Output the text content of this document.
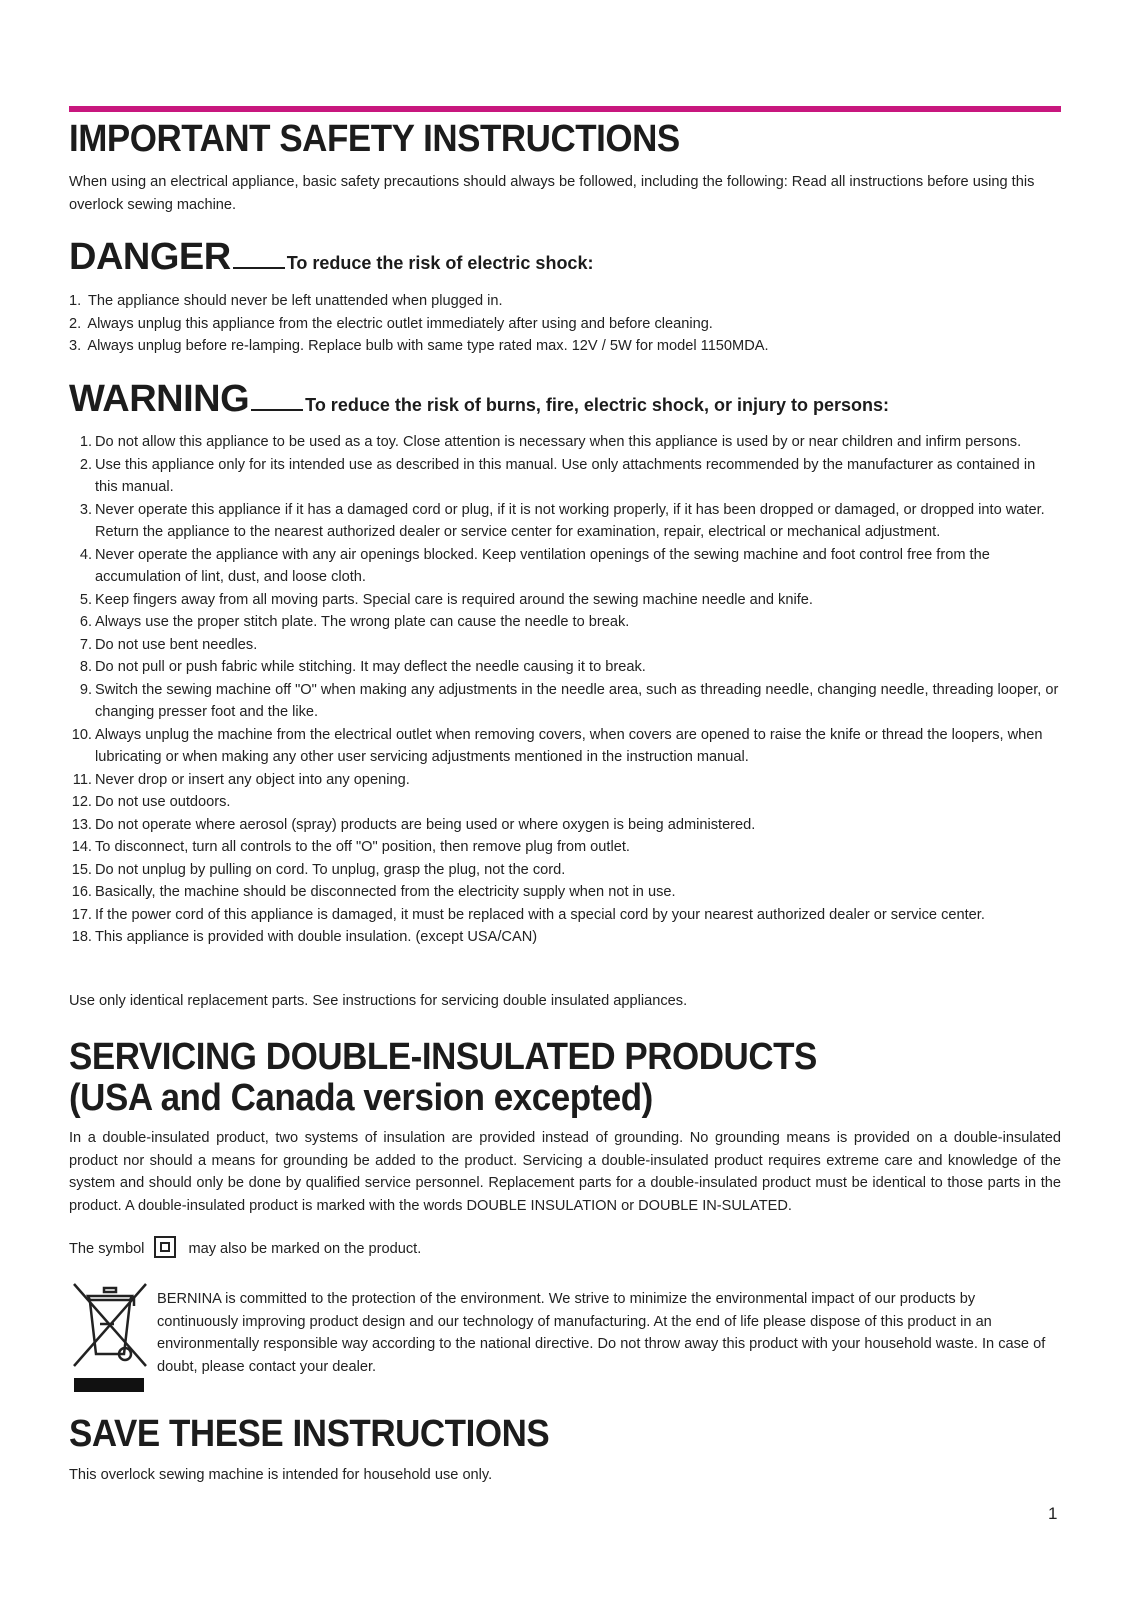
IMPORTANT SAFETY INSTRUCTIONS
When using an electrical appliance, basic safety precautions should always be followed, including the following: Read all instructions before using this overlock sewing machine.
DANGER	To reduce the risk of electric shock:
1. The appliance should never be left unattended when plugged in.
2. Always unplug this appliance from the electric outlet immediately after using and before cleaning.
3. Always unplug before re-lamping. Replace bulb with same type rated max. 12V / 5W for model 1150MDA.
WARNING	To reduce the risk of burns, fire, electric shock, or injury to persons:
1. Do not allow this appliance to be used as a toy. Close attention is necessary when this appliance is used by or near children and infirm persons.
2. Use this appliance only for its intended use as described in this manual. Use only attachments recommended by the manufacturer as contained in this manual.
3. Never operate this appliance if it has a damaged cord or plug, if it is not working properly, if it has been dropped or damaged, or dropped into water. Return the appliance to the nearest authorized dealer or service center for examination, repair, electrical or mechanical adjustment.
4. Never operate the appliance with any air openings blocked. Keep ventilation openings of the sewing machine and foot control free from the accumulation of lint, dust, and loose cloth.
5. Keep fingers away from all moving parts. Special care is required around the sewing machine needle and knife.
6. Always use the proper stitch plate. The wrong plate can cause the needle to break.
7. Do not use bent needles.
8. Do not pull or push fabric while stitching. It may deflect the needle causing it to break.
9. Switch the sewing machine off "O" when making any adjustments in the needle area, such as threading needle, changing needle, threading looper, or changing presser foot and the like.
10. Always unplug the machine from the electrical outlet when removing covers, when covers are opened to raise the knife or thread the loopers, when lubricating or when making any other user servicing adjustments mentioned in the instruction manual.
11. Never drop or insert any object into any opening.
12. Do not use outdoors.
13. Do not operate where aerosol (spray) products are being used or where oxygen is being administered.
14. To disconnect, turn all controls to the off "O" position, then remove plug from outlet.
15. Do not unplug by pulling on cord. To unplug, grasp the plug, not the cord.
16. Basically, the machine should be disconnected from the electricity supply when not in use.
17. If the power cord of this appliance is damaged, it must be replaced with a special cord by your nearest authorized dealer or service center.
18. This appliance is provided with double insulation. (except USA/CAN)
Use only identical replacement parts. See instructions for servicing double insulated appliances.
SERVICING DOUBLE-INSULATED PRODUCTS
(USA and Canada version excepted)
In a double-insulated product, two systems of insulation are provided instead of grounding. No grounding means is provided on a double-insulated product nor should a means for grounding be added to the product. Servicing a double-insulated product requires extreme care and knowledge of the system and should only be done by qualified service personnel. Replacement parts for a double-insulated product must be identical to those parts in the product. A double-insulated product is marked with the words DOUBLE INSULATION or DOUBLE IN-SULATED.
The symbol	may also be marked on the product.
BERNINA is committed to the protection of the environment. We strive to minimize the environmental impact of our products by continuously improving product design and our technology of manufacturing. At the end of life please dispose of this product in an environmentally responsible way according to the national directive. Do not throw away this product with your household waste. In case of doubt, please contact your dealer.
SAVE THESE INSTRUCTIONS
This overlock sewing machine is intended for household use only.
1
